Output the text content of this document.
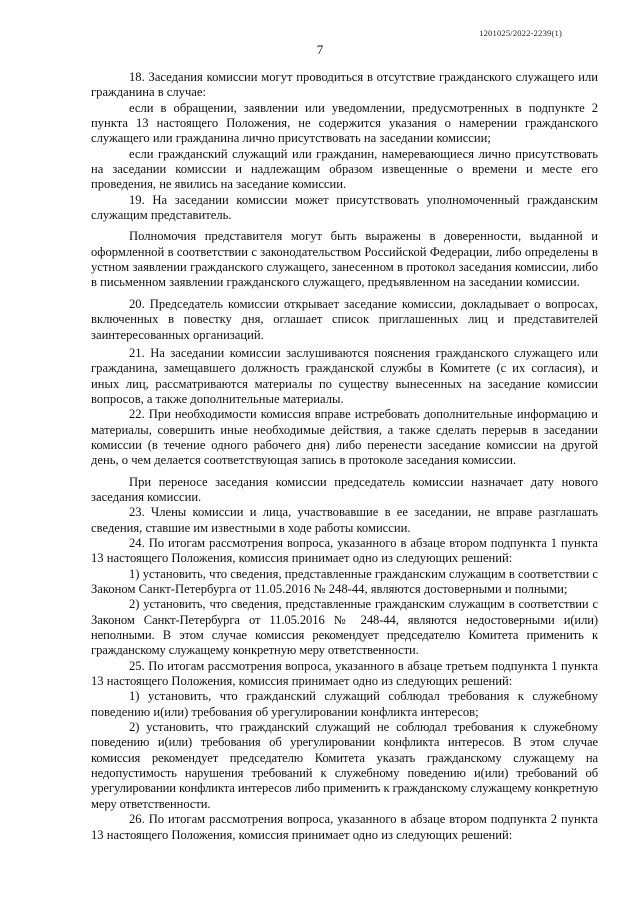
1201025/2022-2239(1)
7

18. Заседания комиссии могут проводиться в отсутствие гражданского служащего или гражданина в случае:

если в обращении, заявлении или уведомлении, предусмотренных в подпункте 2 пункта 13 настоящего Положения, не содержится указания о намерении гражданского служащего или гражданина лично присутствовать на заседании комиссии;

если гражданский служащий или гражданин, намеревающиеся лично присутствовать на заседании комиссии и надлежащим образом извещенные о времени и месте его проведения, не явились на заседание комиссии.

19. На заседании комиссии может присутствовать уполномоченный гражданским служащим представитель.

Полномочия представителя могут быть выражены в доверенности, выданной и оформленной в соответствии с законодательством Российской Федерации, либо определены в устном заявлении гражданского служащего, занесенном в протокол заседания комиссии, либо в письменном заявлении гражданского служащего, предъявленном на заседании комиссии.

20. Председатель комиссии открывает заседание комиссии, докладывает о вопросах, включенных в повестку дня, оглашает список приглашенных лиц и представителей заинтересованных организаций.

21. На заседании комиссии заслушиваются пояснения гражданского служащего или гражданина, замещавшего должность гражданской службы в Комитете (с их согласия), и иных лиц, рассматриваются материалы по существу вынесенных на заседание комиссии вопросов, а также дополнительные материалы.

22. При необходимости комиссия вправе истребовать дополнительные информацию и материалы, совершить иные необходимые действия, а также сделать перерыв в заседании комиссии (в течение одного рабочего дня) либо перенести заседание комиссии на другой день, о чем делается соответствующая запись в протоколе заседания комиссии.

При переносе заседания комиссии председатель комиссии назначает дату нового заседания комиссии.

23. Члены комиссии и лица, участвовавшие в ее заседании, не вправе разглашать сведения, ставшие им известными в ходе работы комиссии.

24. По итогам рассмотрения вопроса, указанного в абзаце втором подпункта 1 пункта 13 настоящего Положения, комиссия принимает одно из следующих решений:

1) установить, что сведения, представленные гражданским служащим в соответствии с Законом Санкт-Петербурга от 11.05.2016 № 248-44, являются достоверными и полными;

2) установить, что сведения, представленные гражданским служащим в соответствии с Законом Санкт-Петербурга от 11.05.2016 № 248-44, являются недостоверными и(или) неполными. В этом случае комиссия рекомендует председателю Комитета применить к гражданскому служащему конкретную меру ответственности.

25. По итогам рассмотрения вопроса, указанного в абзаце третьем подпункта 1 пункта 13 настоящего Положения, комиссия принимает одно из следующих решений:

1) установить, что гражданский служащий соблюдал требования к служебному поведению и(или) требования об урегулировании конфликта интересов;

2) установить, что гражданский служащий не соблюдал требования к служебному поведению и(или) требования об урегулировании конфликта интересов. В этом случае комиссия рекомендует председателю Комитета указать гражданскому служащему на недопустимость нарушения требований к служебному поведению и(или) требований об урегулировании конфликта интересов либо применить к гражданскому служащему конкретную меру ответственности.

26. По итогам рассмотрения вопроса, указанного в абзаце втором подпункта 2 пункта 13 настоящего Положения, комиссия принимает одно из следующих решений:
